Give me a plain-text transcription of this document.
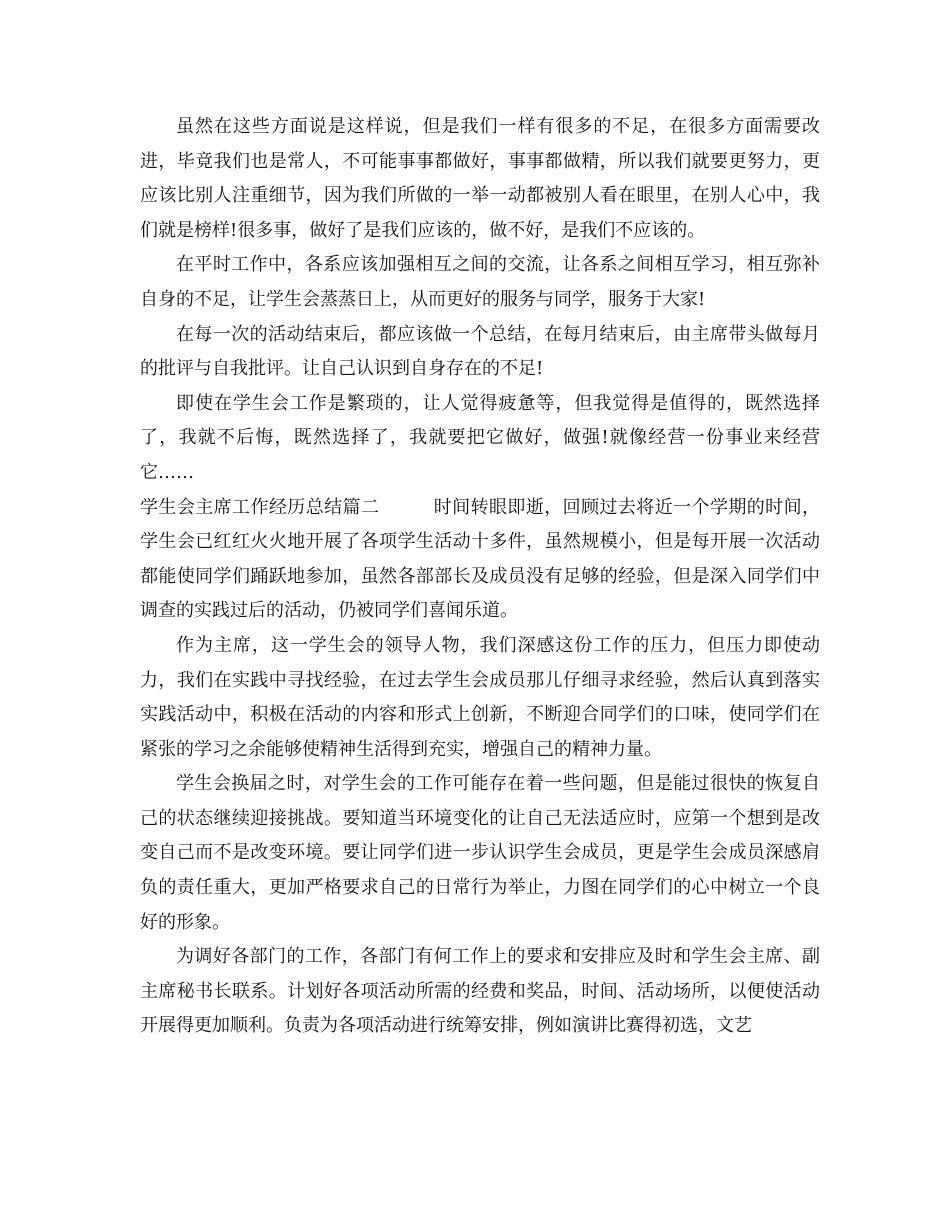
虽然在这些方面说是这样说，但是我们一样有很多的不足，在很多方面需要改进，毕竟我们也是常人，不可能事事都做好，事事都做精，所以我们就要更努力，更应该比别人注重细节，因为我们所做的一举一动都被别人看在眼里，在别人心中，我们就是榜样!很多事，做好了是我们应该的，做不好，是我们不应该的。

在平时工作中，各系应该加强相互之间的交流，让各系之间相互学习，相互弥补自身的不足，让学生会蒸蒸日上，从而更好的服务与同学，服务于大家!

在每一次的活动结束后，都应该做一个总结，在每月结束后，由主席带头做每月的批评与自我批评。让自己认识到自身存在的不足!

即使在学生会工作是繁琐的，让人觉得疲惫等，但我觉得是值得的，既然选择了，我就不后悔，既然选择了，我就要把它做好，做强!就像经营一份事业来经营它……

学生会主席工作经历总结篇二	时间转眼即逝，回顾过去将近一个学期的时间，学生会已红红火火地开展了各项学生活动十多件，虽然规模小，但是每开展一次活动都能使同学们踊跃地参加，虽然各部部长及成员没有足够的经验，但是深入同学们中调查的实践过后的活动，仍被同学们喜闻乐道。

作为主席，这一学生会的领导人物，我们深感这份工作的压力，但压力即使动力，我们在实践中寻找经验，在过去学生会成员那儿仔细寻求经验，然后认真到落实实践活动中，积极在活动的内容和形式上创新，不断迎合同学们的口味，使同学们在紧张的学习之余能够使精神生活得到充实，增强自己的精神力量。

学生会换届之时，对学生会的工作可能存在着一些问题，但是能过很快的恢复自己的状态继续迎接挑战。要知道当环境变化的让自己无法适应时，应第一个想到是改变自己而不是改变环境。要让同学们进一步认识学生会成员，更是学生会成员深感肩负的责任重大，更加严格要求自己的日常行为举止，力图在同学们的心中树立一个良好的形象。

为调好各部门的工作，各部门有何工作上的要求和安排应及时和学生会主席、副主席秘书长联系。计划好各项活动所需的经费和奖品，时间、活动场所，以便使活动开展得更加顺利。负责为各项活动进行统筹安排，例如演讲比赛得初选，文艺
